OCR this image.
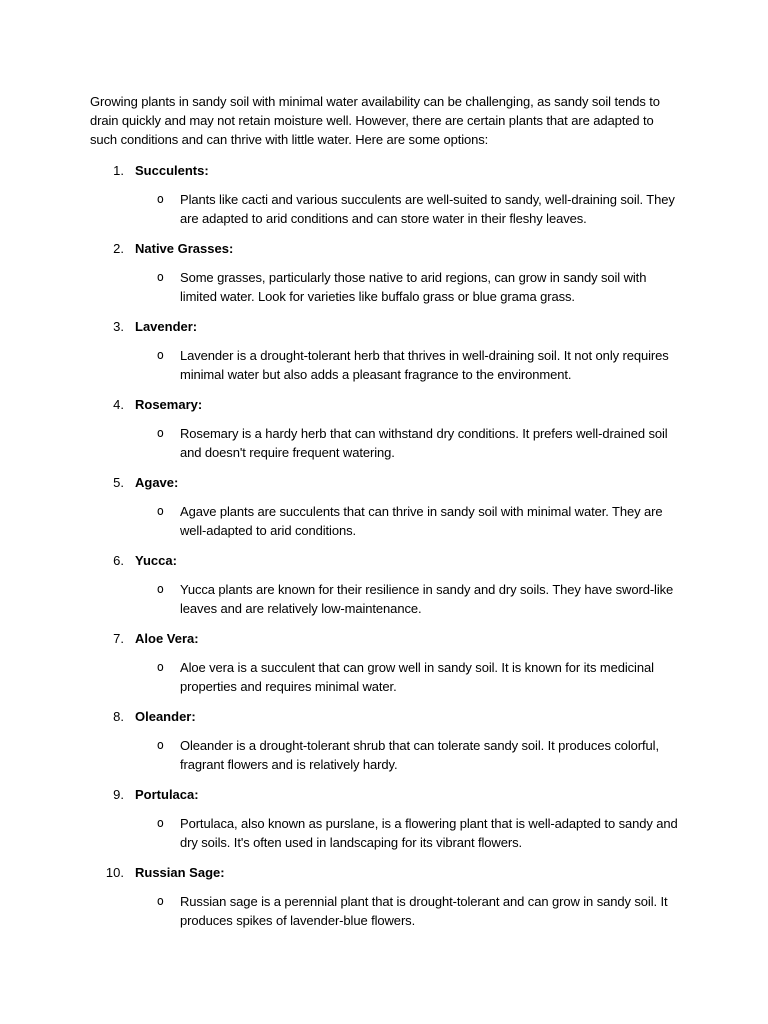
Growing plants in sandy soil with minimal water availability can be challenging, as sandy soil tends to drain quickly and may not retain moisture well. However, there are certain plants that are adapted to such conditions and can thrive with little water. Here are some options:

1. Succulents:
o	Plants like cacti and various succulents are well-suited to sandy, well-draining soil. They are adapted to arid conditions and can store water in their fleshy leaves.
2. Native Grasses:
o	Some grasses, particularly those native to arid regions, can grow in sandy soil with limited water. Look for varieties like buffalo grass or blue grama grass.
3. Lavender:
o	Lavender is a drought-tolerant herb that thrives in well-draining soil. It not only requires minimal water but also adds a pleasant fragrance to the environment.
4. Rosemary:
o	Rosemary is a hardy herb that can withstand dry conditions. It prefers well-drained soil and doesn't require frequent watering.
5. Agave:
o	Agave plants are succulents that can thrive in sandy soil with minimal water. They are well-adapted to arid conditions.
6. Yucca:
o	Yucca plants are known for their resilience in sandy and dry soils. They have sword-like leaves and are relatively low-maintenance.
7. Aloe Vera:
o	Aloe vera is a succulent that can grow well in sandy soil. It is known for its medicinal properties and requires minimal water.
8. Oleander:
o	Oleander is a drought-tolerant shrub that can tolerate sandy soil. It produces colorful, fragrant flowers and is relatively hardy.
9. Portulaca:
o	Portulaca, also known as purslane, is a flowering plant that is well-adapted to sandy and dry soils. It's often used in landscaping for its vibrant flowers.
10. Russian Sage:
o	Russian sage is a perennial plant that is drought-tolerant and can grow in sandy soil. It produces spikes of lavender-blue flowers.
